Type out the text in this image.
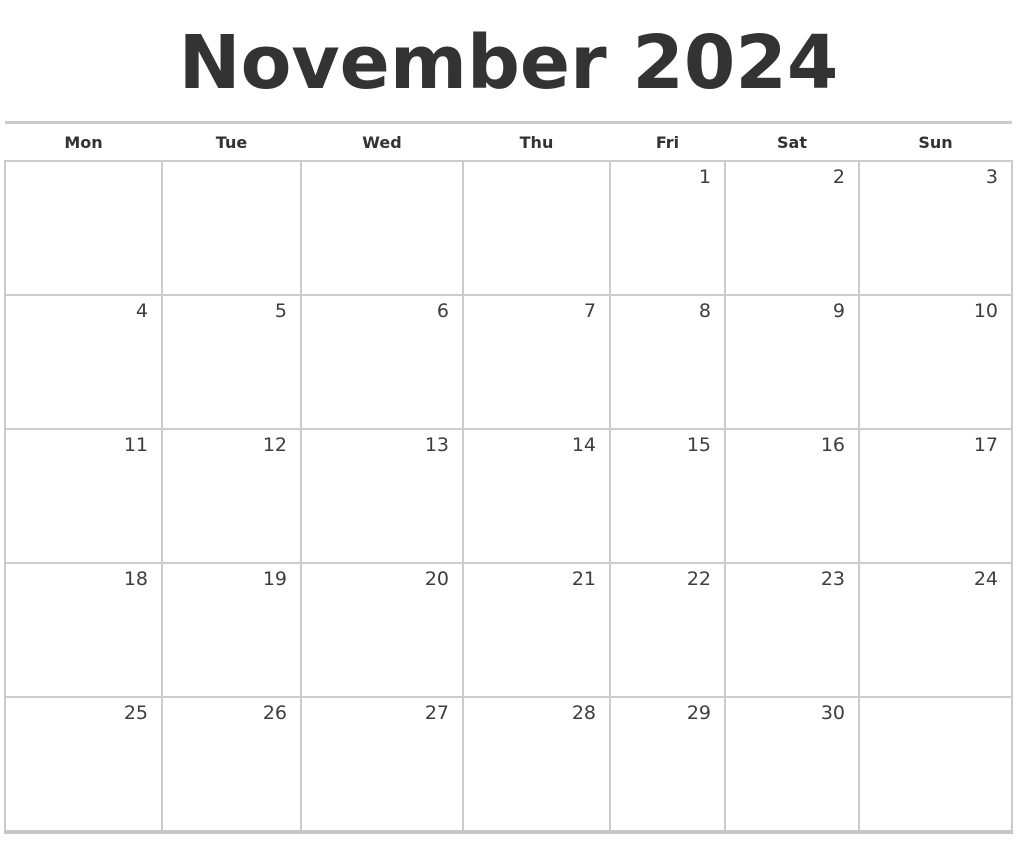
November 2024
Mon	Tue	Wed	Thu	Fri	Sat	Sun
				1	2	3
4	5	6	7	8	9	10
11	12	13	14	15	16	17
18	19	20	21	22	23	24
25	26	27	28	29	30	
